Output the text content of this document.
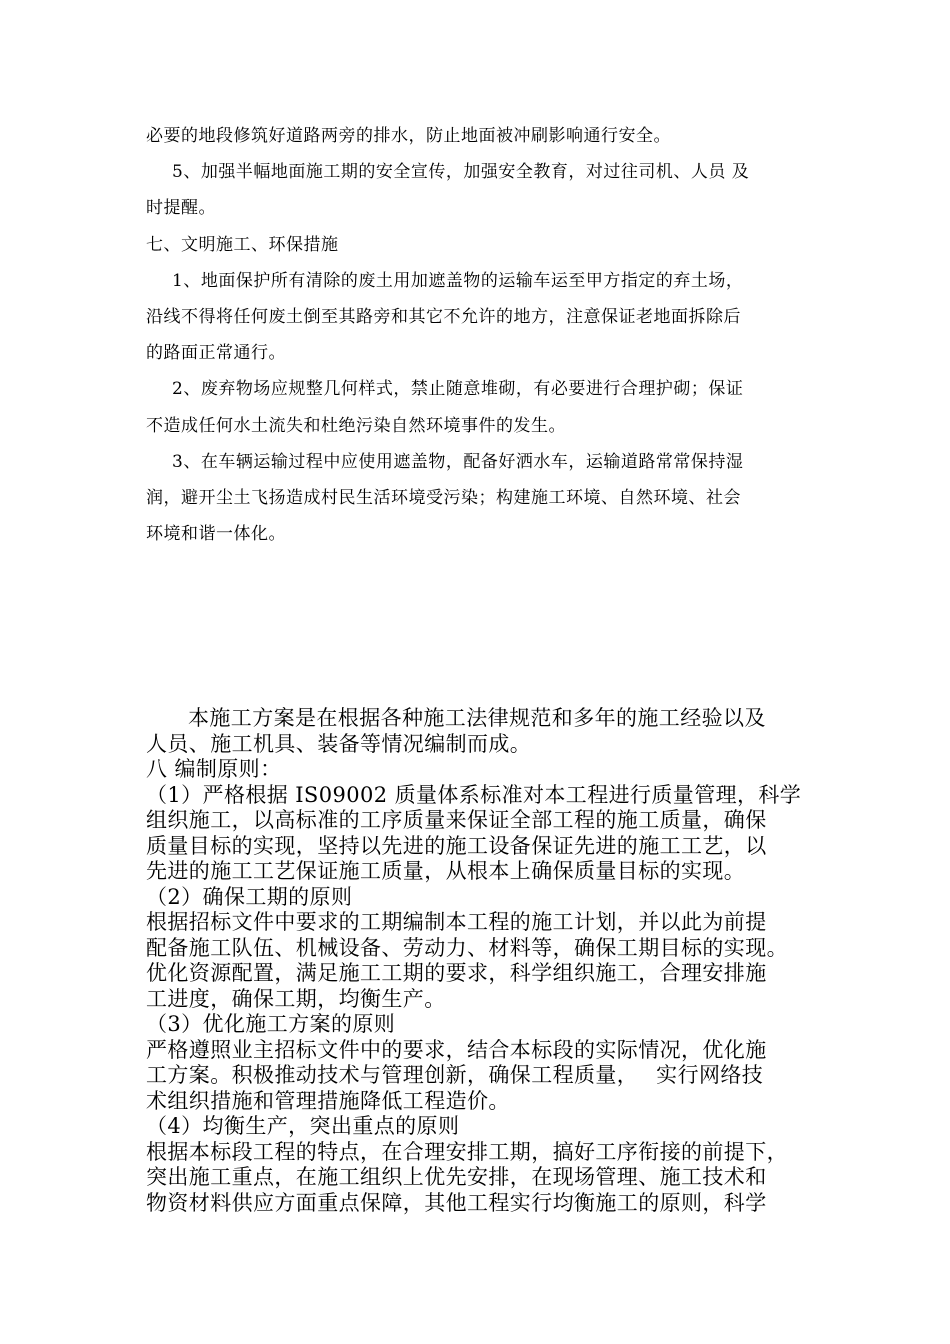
必要的地段修筑好道路两旁的排水，防止地面被冲刷影响通行安全。

5、加强半幅地面施工期的安全宣传，加强安全教育，对过往司机、人员 及

时提醒。

七、文明施工、环保措施

1、地面保护所有清除的废土用加遮盖物的运输车运至甲方指定的弃土场，

沿线不得将任何废土倒至其路旁和其它不允许的地方，注意保证老地面拆除后

的路面正常通行。

2、废弃物场应规整几何样式，禁止随意堆砌，有必要进行合理护砌；保证

不造成任何水土流失和杜绝污染自然环境事件的发生。

3、在车辆运输过程中应使用遮盖物，配备好洒水车，运输道路常常保持湿

润，避开尘土飞扬造成村民生活环境受污染；构建施工环境、自然环境、社会

环境和谐一体化。

本施工方案是在根据各种施工法律规范和多年的施工经验以及

人员、施工机具、装备等情况编制而成。

八 编制原则：

（1）严格根据 IS09002 质量体系标准对本工程进行质量管理，科学

组织施工，以高标准的工序质量来保证全部工程的施工质量，确保

质量目标的实现，坚持以先进的施工设备保证先进的施工工艺，以

先进的施工工艺保证施工质量，从根本上确保质量目标的实现。

（2）确保工期的原则

根据招标文件中要求的工期编制本工程的施工计划，并以此为前提

配备施工队伍、机械设备、劳动力、材料等，确保工期目标的实现。

优化资源配置，满足施工工期的要求，科学组织施工，合理安排施

工进度，确保工期，均衡生产。

（3）优化施工方案的原则

严格遵照业主招标文件中的要求，结合本标段的实际情况，优化施

工方案。积极推动技术与管理创新，确保工程质量，　 实行网络技

术组织措施和管理措施降低工程造价。

（4）均衡生产，突出重点的原则

根据本标段工程的特点，在合理安排工期，搞好工序衔接的前提下，

突出施工重点，在施工组织上优先安排，在现场管理、施工技术和

物资材料供应方面重点保障，其他工程实行均衡施工的原则，科学
